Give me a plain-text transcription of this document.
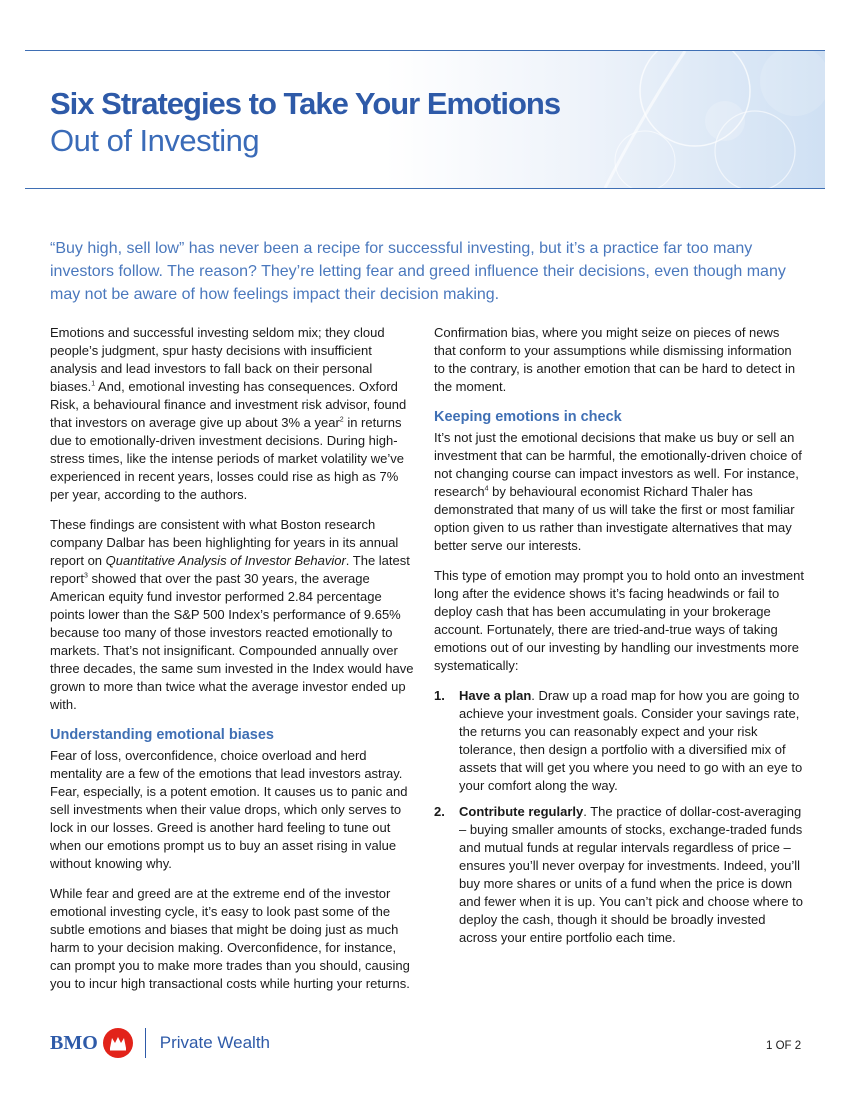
Six Strategies to Take Your Emotions
Out of Investing
“Buy high, sell low” has never been a recipe for successful investing, but it’s a practice far too many investors follow. The reason? They’re letting fear and greed influence their decisions, even though many may not be aware of how feelings impact their decision making.

Emotions and successful investing seldom mix; they cloud people’s judgment, spur hasty decisions with insufficient analysis and lead investors to fall back on their personal biases.$^1$ And, emotional investing has consequences. Oxford Risk, a behavioural finance and investment risk advisor, found that investors on average give up about 3% a year$^2$ in returns due to emotionally-driven investment decisions. During high-stress times, like the intense periods of market volatility we’ve experienced in recent years, losses could rise as high as 7% per year, according to the authors.

These findings are consistent with what Boston research company Dalbar has been highlighting for years in its annual report on Quantitative Analysis of Investor Behavior. The latest report$^3$ showed that over the past 30 years, the average American equity fund investor performed 2.84 percentage points lower than the S&P 500 Index’s performance of 9.65% because too many of those investors reacted emotionally to markets. That’s not insignificant. Compounded annually over three decades, the same sum invested in the Index would have grown to more than twice what the average investor ended up with.

Understanding emotional biases

Fear of loss, overconfidence, choice overload and herd mentality are a few of the emotions that lead investors astray. Fear, especially, is a potent emotion. It causes us to panic and sell investments when their value drops, which only serves to lock in our losses. Greed is another hard feeling to tune out when our emotions prompt us to buy an asset rising in value without knowing why.

While fear and greed are at the extreme end of the investor emotional investing cycle, it’s easy to look past some of the subtle emotions and biases that might be doing just as much harm to your decision making. Overconfidence, for instance, can prompt you to make more trades than you should, causing you to incur high transactional costs while hurting your returns.

Confirmation bias, where you might seize on pieces of news that conform to your assumptions while dismissing information to the contrary, is another emotion that can be hard to detect in the moment.

Keeping emotions in check

It’s not just the emotional decisions that make us buy or sell an investment that can be harmful, the emotionally-driven choice of not changing course can impact investors as well. For instance, research$^4$ by behavioural economist Richard Thaler has demonstrated that many of us will take the first or most familiar option given to us rather than investigate alternatives that may better serve our interests.

This type of emotion may prompt you to hold onto an investment long after the evidence shows it’s facing headwinds or fail to deploy cash that has been accumulating in your brokerage account. Fortunately, there are tried-and-true ways of taking emotions out of our investing by handling our investments more systematically:

1. Have a plan. Draw up a road map for how you are going to achieve your investment goals. Consider your savings rate, the returns you can reasonably expect and your risk tolerance, then design a portfolio with a diversified mix of assets that will get you where you need to go with an eye to your comfort along the way.
2. Contribute regularly. The practice of dollar-cost-averaging – buying smaller amounts of stocks, exchange-traded funds and mutual funds at regular intervals regardless of price – ensures you’ll never overpay for investments. Indeed, you’ll buy more shares or units of a fund when the price is down and fewer when it is up. You can’t pick and choose where to deploy the cash, though it should be broadly invested across your entire portfolio each time.
BMO	Private Wealth	1 OF 2
